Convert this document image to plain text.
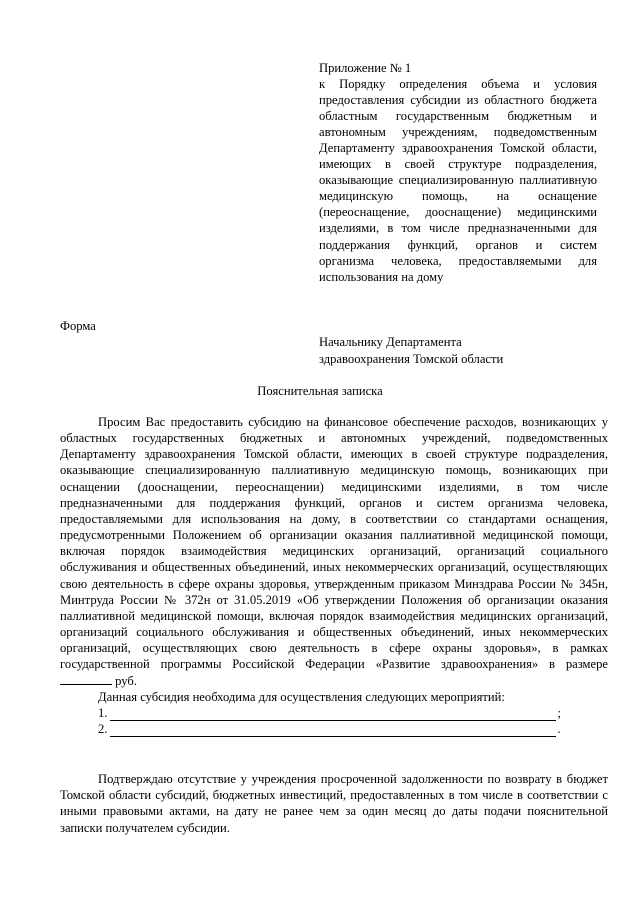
Приложение № 1
к Порядку определения объема и условия предоставления субсидии из областного бюджета областным государственным бюджетным и автономным учреждениям, подведомственным Департаменту здравоохранения Томской области, имеющих в своей структуре подразделения, оказывающие специализированную паллиативную медицинскую помощь, на оснащение (переоснащение, дооснащение) медицинскими изделиями, в том числе предназначенными для поддержания функций, органов и систем организма человека, предоставляемыми для использования на дому
Форма
Начальнику Департамента
здравоохранения Томской области
Пояснительная записка

Просим Вас предоставить субсидию на финансовое обеспечение расходов, возникающих у областных государственных бюджетных и автономных учреждений, подведомственных Департаменту здравоохранения Томской области, имеющих в своей структуре подразделения, оказывающие специализированную паллиативную медицинскую помощь, возникающих при оснащении (дооснащении, переоснащении) медицинскими изделиями, в том числе предназначенными для поддержания функций, органов и систем организма человека, предоставляемыми для использования на дому, в соответствии со стандартами оснащения, предусмотренными Положением об организации оказания паллиативной медицинской помощи, включая порядок взаимодействия медицинских организаций, организаций социального обслуживания и общественных объединений, иных некоммерческих организаций, осуществляющих свою деятельность в сфере охраны здоровья, утвержденным приказом Минздрава России № 345н, Минтруда России № 372н от 31.05.2019 «Об утверждении Положения об организации оказания паллиативной медицинской помощи, включая порядок взаимодействия медицинских организаций, организаций социального обслуживания и общественных объединений, иных некоммерческих организаций, осуществляющих свою деятельность в сфере охраны здоровья», в рамках государственной программы Российской Федерации «Развитие здравоохранения» в размере  руб.

Данная субсидия необходима для осуществления следующих мероприятий:

1.	;
2.	.

Подтверждаю отсутствие у учреждения просроченной задолженности по возврату в бюджет Томской области субсидий, бюджетных инвестиций, предоставленных в том числе в соответствии с иными правовыми актами, на дату не ранее чем за один месяц до даты подачи пояснительной записки получателем субсидии.
